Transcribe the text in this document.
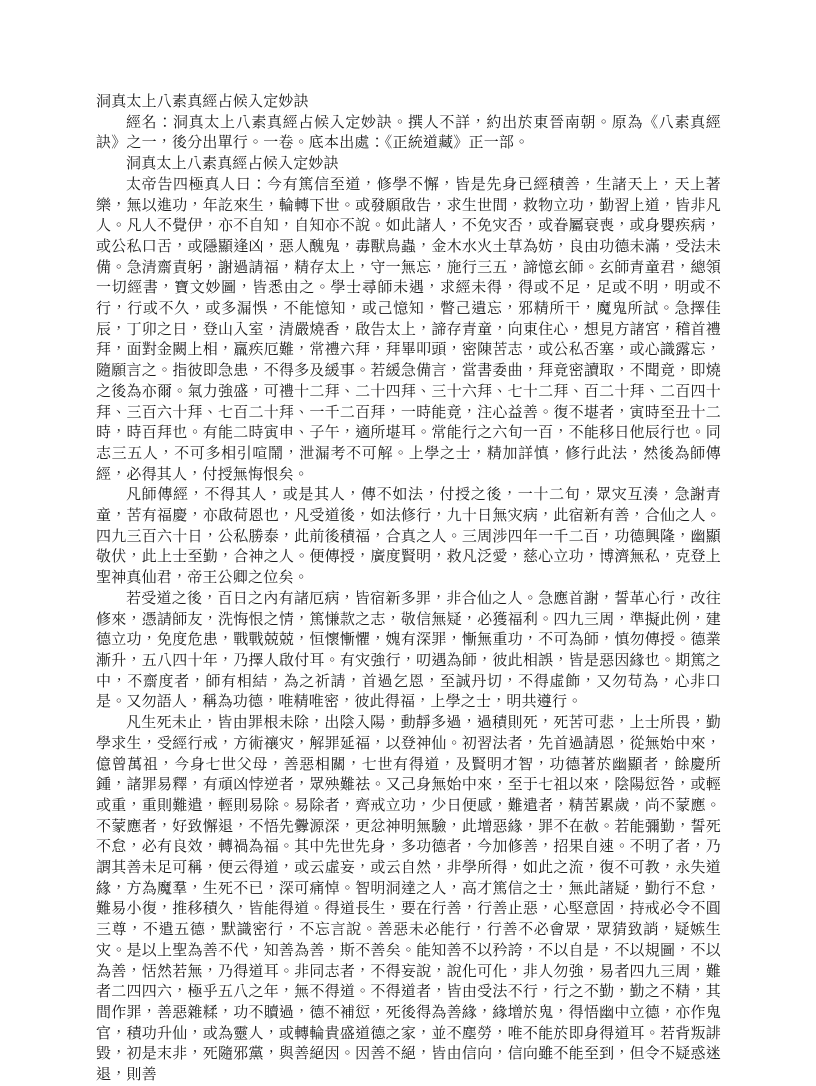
洞真太上八素真經占候入定妙訣

經名：洞真太上八素真經占候入定妙訣。撰人不詳，約出於東晉南朝。原為《八素真經訣》之一，後分出單行。一卷。底本出處：《正統道藏》正一部。

洞真太上八素真經占候入定妙訣

太帝告四極真人曰：今有篤信至道，修學不懈，皆是先身已經積善，生諸天上，天上著樂，無以進功，年訖來生，輪轉下世。或發願啟告，求生世間，救物立功，勤習上道，皆非凡人。凡人不覺伊，亦不自知，自知亦不說。如此諸人，不免灾否，或眷屬衰喪，或身嬰疾病，或公私口舌，或隱顯逢凶，惡人醜鬼，毒獸鳥蟲，金木水火土草為妨，良由功德未滿，受法未備。急清齋責躬，謝過請福，精存太上，守一無忘，施行三五，諦憶玄師。玄師青童君，總領一切經書，寶文妙圖，皆悉由之。學士尋師未遇，求經未得，得或不足，足或不明，明或不行，行或不久，或多漏悞，不能憶知，或己憶知，瞥己遺忘，邪精所干，魔鬼所試。急擇佳辰，丁卯之日，登山入室，清嚴燒香，啟告太上，諦存青童，向東住心，想見方諸宮，稽首禮拜，面對金闕上相，羸疾厄難，常禮六拜，拜畢叩頭，密陳苦志，或公私否塞，或心識露忘，隨願言之。指彼即急患，不得多及緩事。若緩急備言，當書委曲，拜竟密讀取，不聞竟，即燒之後為亦爾。氣力強盛，可禮十二拜、二十四拜、三十六拜、七十二拜、百二十拜、二百四十拜、三百六十拜、七百二十拜、一千二百拜，一時能竟，注心益善。復不堪者，寅時至丑十二時，時百拜也。有能二時寅申、子午，適所堪耳。常能行之六旬一百，不能移日他辰行也。同志三五人，不可多相引喧鬧，泄漏考不可解。上學之士，精加詳慎，修行此法，然後為師傳經，必得其人，付授無悔恨矣。

凡師傳經，不得其人，或是其人，傳不如法，付授之後，一十二旬，眾灾互湊，急謝青童，苦有福慶，亦啟荷恩也，凡受道後，如法修行，九十日無灾病，此宿新有善，合仙之人。四九三百六十日，公私勝泰，此前後積福，合真之人。三周涉四年一千二百，功德興隆，幽顯敬伏，此上士至勤，合神之人。便傳授，廣度賢明，救凡泛愛，慈心立功，博濟無私，克登上聖神真仙君，帝王公卿之位矣。

若受道之後，百日之內有諸厄病，皆宿新多罪，非合仙之人。急應首謝，誓革心行，改往修來，憑請師友，洗悔恨之情，篤慊款之志，敬信無疑，必獲福利。四九三周，準擬此例，建德立功，免度危患，戰戰兢兢，恒懷慚懼，媿有深罪，慚無重功，不可為師，慎勿傳授。德業漸升，五八四十年，乃擇人啟付耳。有灾強行，叨遇為師，彼此相誤，皆是惡因緣也。期篤之中，不齋度者，師有相結，為之祈請，首過乞恩，至誠丹切，不得虛飾，又勿苟為，心非口是。又勿語人，稱為功德，唯精唯密，彼此得福，上學之士，明共遵行。

凡生死未止，皆由罪根未除，出陰入陽，動靜多過，過積則死，死苦可悲，上士所畏，勤學求生，受經行戒，方術禳灾，解罪延福，以登神仙。初習法者，先首過請恩，從無始中來，億曾萬祖，今身七世父母，善惡相關，七世有得道，及賢明才智，功德著於幽顯者，餘慶所鍾，諸罪易釋，有頑凶悖逆者，眾殃難祛。又己身無始中來，至于七祖以來，陰陽愆咎，或輕或重，重則難遣，輕則易除。易除者，齊戒立功，少日便感，難遣者，精苦累歲，尚不蒙應。不蒙應者，好致懈退，不悟先釁源深，更忿神明無驗，此增惡緣，罪不在赦。若能彌勤，誓死不怠，必有良效，轉禍為福。其中先世先身，多功德者，今加修善，招果自速。不明了者，乃謂其善未足可稱，便云得道，或云虛妄，或云自然，非學所得，如此之流，復不可教，永失道緣，方為魔羣，生死不已，深可痛悼。智明洞達之人，高才篤信之士，無此諸疑，勤行不怠，難易小復，推移積久，皆能得道。得道長生，要在行善，行善止惡，心堅意固，持戒必令不圓三尊，不遣五德，默識密行，不忘言說。善惡未必能行，行善不必會眾，眾猜致誚，疑嫉生灾。是以上聖為善不代，知善為善，斯不善矣。能知善不以矜誇，不以自是，不以規圖，不以為善，恬然若無，乃得道耳。非同志者，不得妄說，說化可化，非人勿強，易者四九三周，難者二四四六，極乎五八之年，無不得道。不得道者，皆由受法不行，行之不勤，勤之不精，其間作罪，善惡雜糅，功不贖過，德不補愆，死後得為善緣，緣增於鬼，得悟幽中立德，亦作鬼官，積功升仙，或為靈人，或轉輪貴盛道德之家，並不塵勞，唯不能於即身得道耳。若背叛誹毀，初是末非，死隨邪黨，與善絕因。因善不絕，皆由信向，信向雖不能至到，但令不疑惑迷退，則善
